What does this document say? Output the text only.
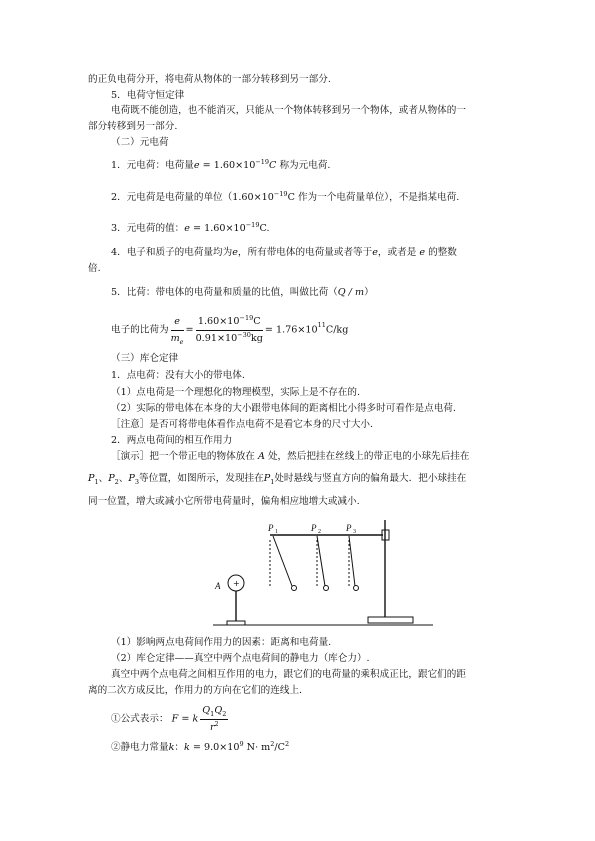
的正负电荷分开，将电荷从物体的一部分转移到另一部分.
5．电荷守恒定律
电荷既不能创造，也不能消灭，只能从一个物体转移到另一个物体，或者从物体的一
部分转移到另一部分.
（二）元电荷
1．元电荷：电荷量$e = 1.60\times 10^{-19}C$ 称为元电荷.
2．元电荷是电荷量的单位（$1.60\times 10^{-19}C$ 作为一个电荷量单位），不是指某电荷.
3．元电荷的值：$e = 1.60\times 10^{-19}C$.
4．电子和质子的电荷量均为e，所有带电体的电荷量或者等于e，或者是 e 的整数
倍.
5．比荷：带电体的电荷量和质量的比值，叫做比荷（Q / m）
电子的比荷为 $\frac{e}{m_e} = \frac{1.60\times 10^{-19}C}{0.91\times 10^{-30}kg} = 1.76\times 10^{11}C/kg$
（三）库仑定律
1．点电荷：没有大小的带电体.
（1）点电荷是一个理想化的物理模型，实际上是不存在的.
（2）实际的带电体在本身的大小跟带电体间的距离相比小得多时可看作是点电荷.
［注意］是否可将带电体看作点电荷不是看它本身的尺寸大小.
2．两点电荷间的相互作用力
［演示］把一个带正电的物体放在 A 处，然后把挂在丝线上的带正电的小球先后挂在
$P_1$、$P_2$、$P_3$等位置，如图所示，发现挂在$P_1$处时悬线与竖直方向的偏角最大．把小球挂在
同一位置，增大或减小它所带电荷量时，偏角相应地增大或减小.
A
P 1	P 2	P 3
+
（1）影响两点电荷间作用力的因素：距离和电荷量.
（2）库仑定律——真空中两个点电荷间的静电力（库仑力）.
真空中两个点电荷之间相互作用的电力，跟它们的电荷量的乘积成正比，跟它们的距
离的二次方成反比，作用力的方向在它们的连线上.
①公式表示： F = k $\frac{Q_1Q_2}{r^2}$
②静电力常量k：$k = 9.0\times 10^9$ $N\cdot m^2/C^2$
